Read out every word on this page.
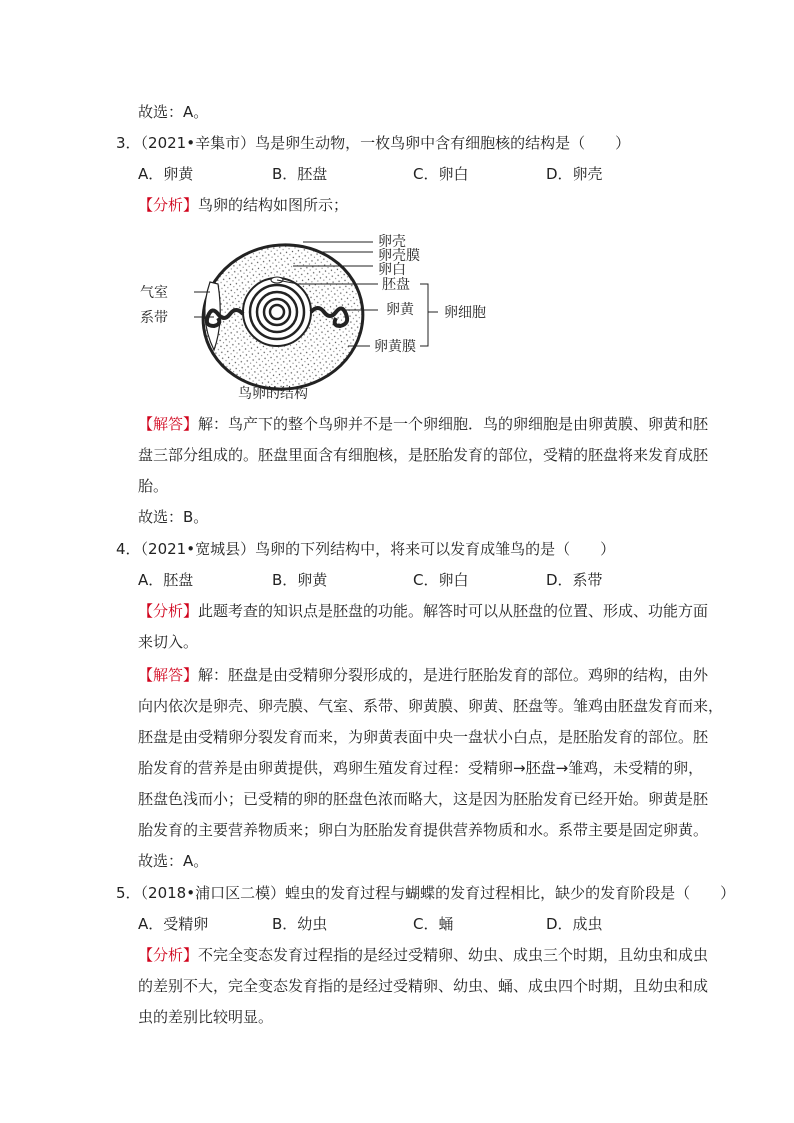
故选：A。
3．（2021•辛集市）鸟是卵生动物，一枚鸟卵中含有细胞核的结构是（　　）
A．卵黄	B．胚盘	C．卵白	D．卵壳
【分析】鸟卵的结构如图所示；
卵壳
卵壳膜
卵白
胚盘
卵黄 卵细胞
卵黄膜
气室
系带
鸟卵的结构
【解答】解：鸟产下的整个鸟卵并不是一个卵细胞．鸟的卵细胞是由卵黄膜、卵黄和胚
盘三部分组成的。胚盘里面含有细胞核，是胚胎发育的部位，受精的胚盘将来发育成胚
胎。
故选：B。
4．（2021•宽城县）鸟卵的下列结构中，将来可以发育成雏鸟的是（　　）
A．胚盘	B．卵黄	C．卵白	D．系带
【分析】此题考查的知识点是胚盘的功能。解答时可以从胚盘的位置、形成、功能方面
来切入。
【解答】解：胚盘是由受精卵分裂形成的，是进行胚胎发育的部位。鸡卵的结构，由外
向内依次是卵壳、卵壳膜、气室、系带、卵黄膜、卵黄、胚盘等。雏鸡由胚盘发育而来，
胚盘是由受精卵分裂发育而来，为卵黄表面中央一盘状小白点，是胚胎发育的部位。胚
胎发育的营养是由卵黄提供，鸡卵生殖发育过程：受精卵→胚盘→雏鸡，未受精的卵，
胚盘色浅而小；已受精的卵的胚盘色浓而略大，这是因为胚胎发育已经开始。卵黄是胚
胎发育的主要营养物质来；卵白为胚胎发育提供营养物质和水。系带主要是固定卵黄。
故选：A。
5．（2018•浦口区二模）蝗虫的发育过程与蝴蝶的发育过程相比，缺少的发育阶段是（　　）
A．受精卵	B．幼虫	C．蛹	D．成虫
【分析】不完全变态发育过程指的是经过受精卵、幼虫、成虫三个时期，且幼虫和成虫
的差别不大，完全变态发育指的是经过受精卵、幼虫、蛹、成虫四个时期，且幼虫和成
虫的差别比较明显。
